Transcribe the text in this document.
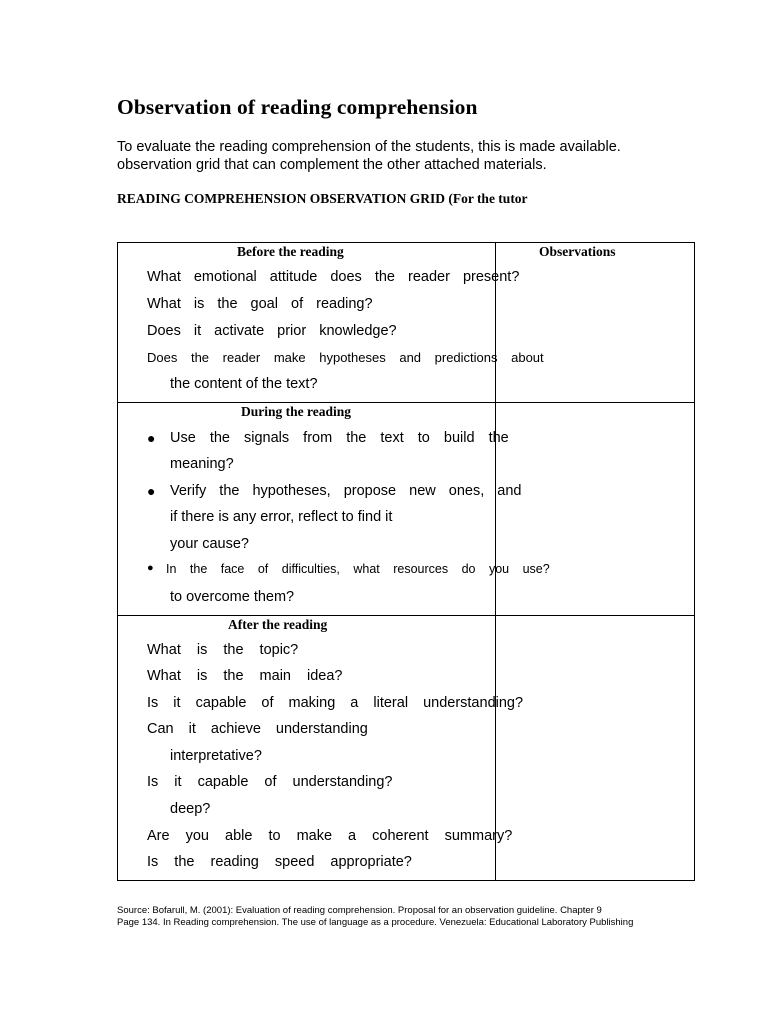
Observation of reading comprehension
To evaluate the reading comprehension of the students, this is made available.
observation grid that can complement the other attached materials.
READING COMPREHENSION OBSERVATION GRID (For the tutor
Before the reading	Observations
What emotional attitude does the reader present?
What is the goal of reading?
Does it activate prior knowledge?
Does the reader make hypotheses and predictions about
the content of the text?
During the reading
● Use the signals from the text to build the
meaning?
● Verify the hypotheses, propose new ones, and
if there is any error, reflect to find it
your cause?
● In the face of difficulties, what resources do you use?
to overcome them?
After the reading
What is the topic?
What is the main idea?
Is it capable of making a literal understanding?
Can it achieve understanding
interpretative?
Is it capable of understanding?
deep?
Are you able to make a coherent summary?
Is the reading speed appropriate?
Source: Bofarull, M. (2001): Evaluation of reading comprehension. Proposal for an observation guideline. Chapter 9
Page 134. In Reading comprehension. The use of language as a procedure. Venezuela: Educational Laboratory Publishing
